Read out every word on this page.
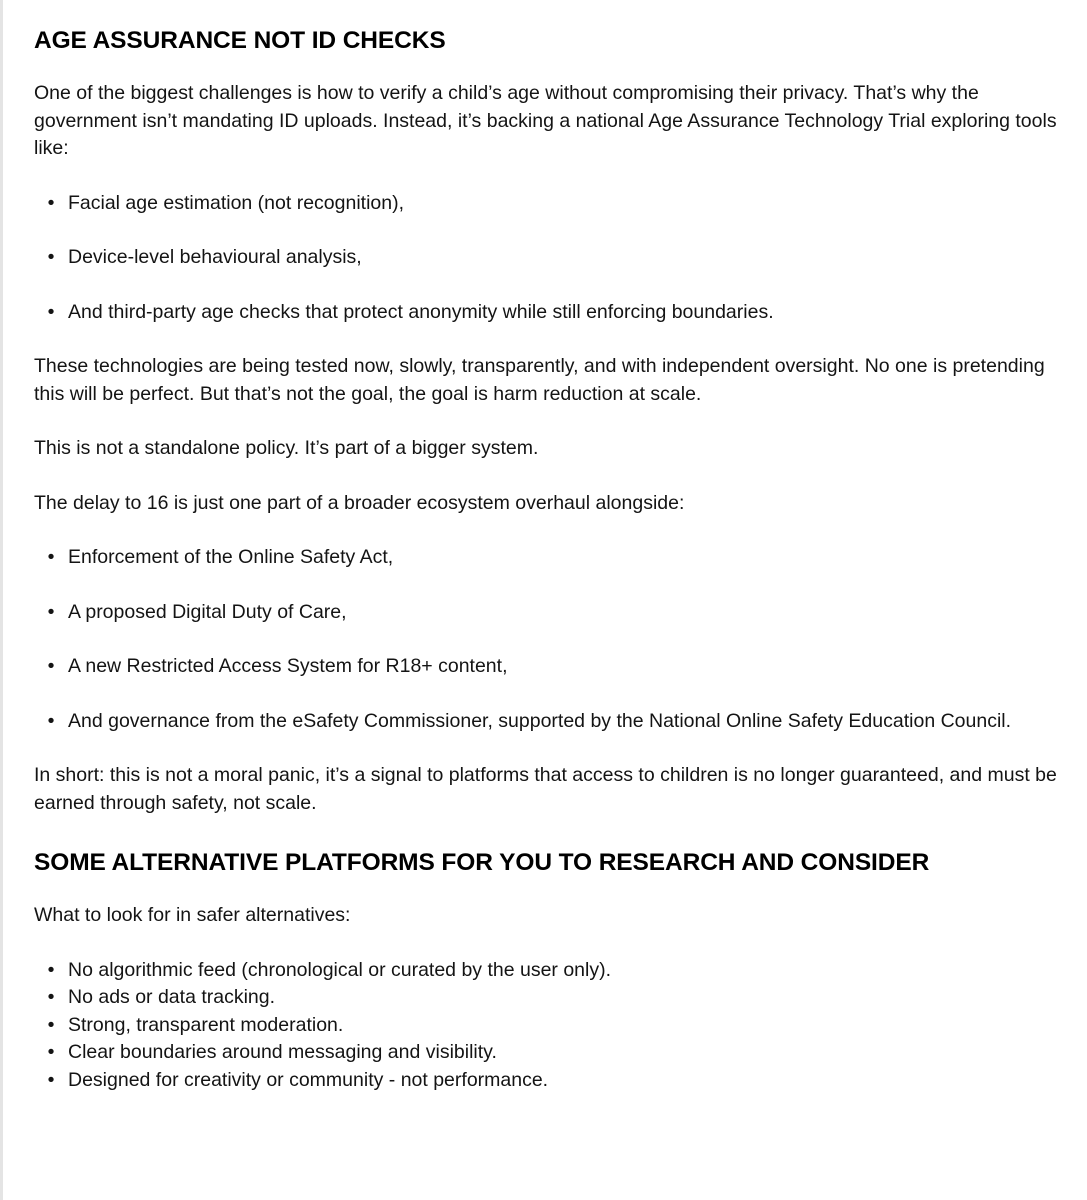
AGE ASSURANCE NOT ID CHECKS

One of the biggest challenges is how to verify a child’s age without compromising their privacy. That’s why the government isn’t mandating ID uploads. Instead, it’s backing a national Age Assurance Technology Trial exploring tools like:

• Facial age estimation (not recognition),
• Device-level behavioural analysis,
• And third-party age checks that protect anonymity while still enforcing boundaries.

These technologies are being tested now, slowly, transparently, and with independent oversight. No one is pretending this will be perfect. But that’s not the goal, the goal is harm reduction at scale.

This is not a standalone policy. It’s part of a bigger system.

The delay to 16 is just one part of a broader ecosystem overhaul alongside:

• Enforcement of the Online Safety Act,
• A proposed Digital Duty of Care,
• A new Restricted Access System for R18+ content,
• And governance from the eSafety Commissioner, supported by the National Online Safety Education Council.

In short: this is not a moral panic, it’s a signal to platforms that access to children is no longer guaranteed, and must be earned through safety, not scale.

SOME ALTERNATIVE PLATFORMS FOR YOU TO RESEARCH AND CONSIDER

What to look for in safer alternatives:

• No algorithmic feed (chronological or curated by the user only).
• No ads or data tracking.
• Strong, transparent moderation.
• Clear boundaries around messaging and visibility.
• Designed for creativity or community - not performance.
